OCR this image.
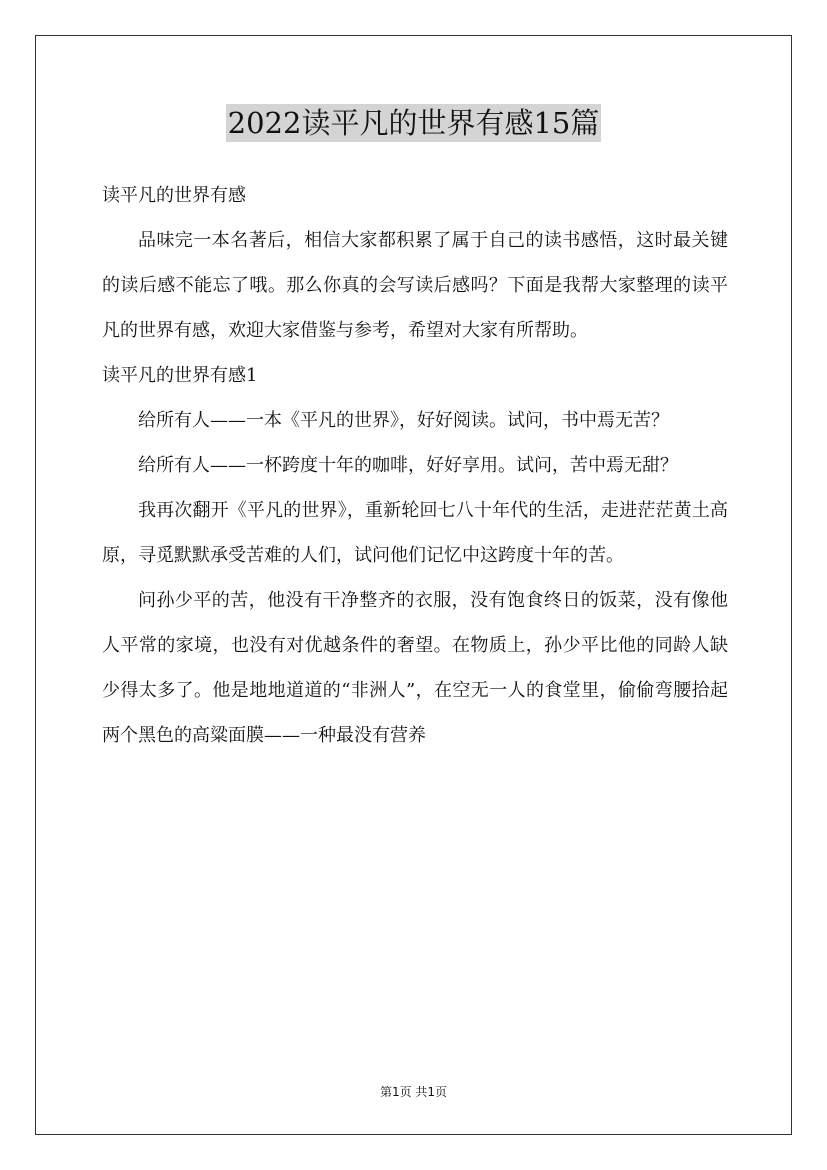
2022读平凡的世界有感15篇

读平凡的世界有感

品味完一本名著后，相信大家都积累了属于自己的读书感悟，这时最关键的读后感不能忘了哦。那么你真的会写读后感吗？下面是我帮大家整理的读平凡的世界有感，欢迎大家借鉴与参考，希望对大家有所帮助。

读平凡的世界有感1

给所有人——一本《平凡的世界》，好好阅读。试问，书中焉无苦？

给所有人——一杯跨度十年的咖啡，好好享用。试问，苦中焉无甜？

我再次翻开《平凡的世界》，重新轮回七八十年代的生活，走进茫茫黄土高原，寻觅默默承受苦难的人们，试问他们记忆中这跨度十年的苦。

问孙少平的苦，他没有干净整齐的衣服，没有饱食终日的饭菜，没有像他人平常的家境，也没有对优越条件的奢望。在物质上，孙少平比他的同龄人缺少得太多了。他是地地道道的“非洲人”，在空无一人的食堂里，偷偷弯腰拾起两个黑色的高粱面膜——一种最没有营养

第1页 共1页
